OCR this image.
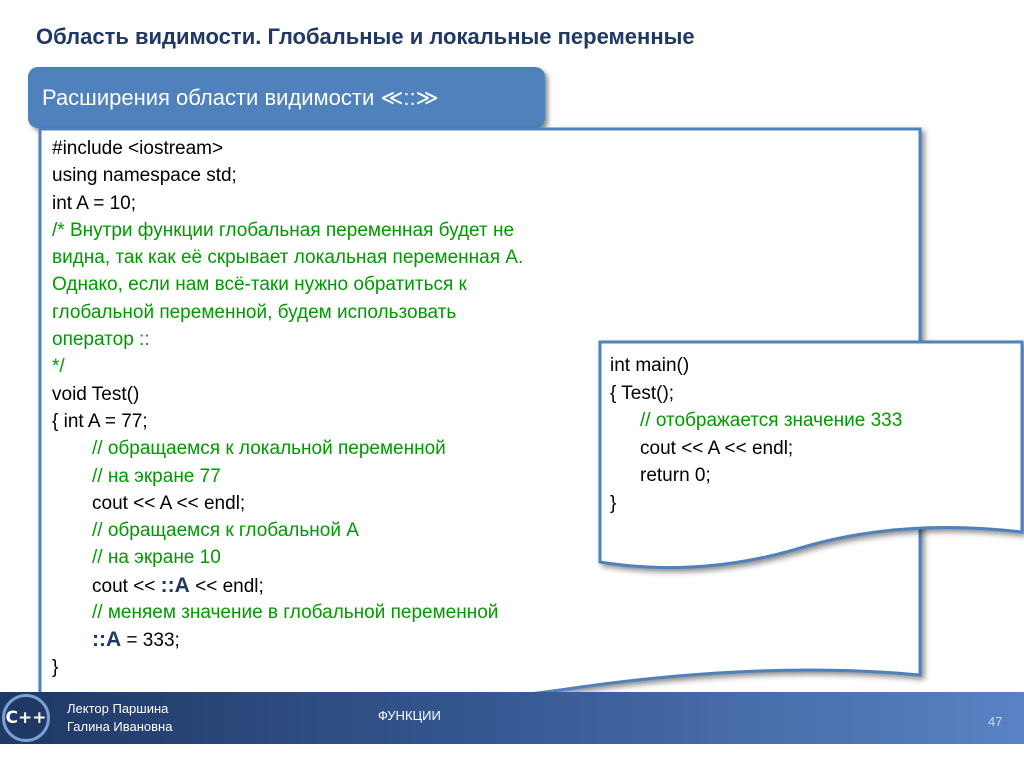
Область видимости. Глобальные и локальные переменные
Расширения области видимости ≪::≫
#include <iostream>
using namespace std;
int A = 10;
/* Внутри функции глобальная переменная будет не
видна, так как её скрывает локальная переменная А.
Однако, если нам всё-таки нужно обратиться к
глобальной переменной, будем использовать
оператор ::
*/
void Test()
{ int A = 77;
// обращаемся к локальной переменной
// на экране 77
cout << A << endl;
// обращаемся к глобальной А
// на экране 10
cout << ::A << endl;
// меняем значение в глобальной переменной
::A = 333;
}
int main()
{ Test();
// отображается значение 333
cout << A << endl;
return 0;
}
C++ Лектор Паршина
Галина Ивановна
ФУНКЦИИ	47
